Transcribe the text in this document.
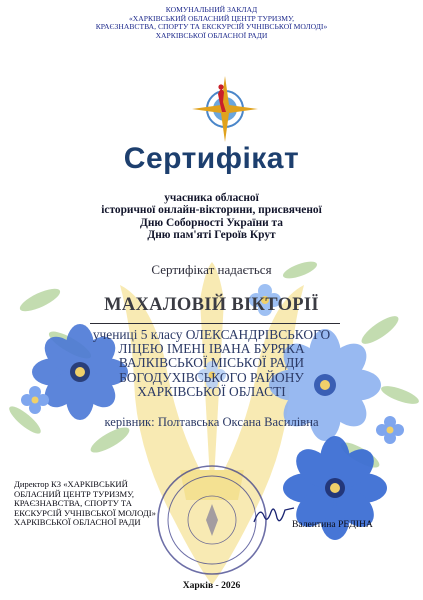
КОМУНАЛЬНИЙ ЗАКЛАД
«ХАРКІВСЬКИЙ ОБЛАСНИЙ ЦЕНТР ТУРИЗМУ,
КРАЄЗНАВСТВА, СПОРТУ ТА ЕКСКУРСІЙ УЧНІВСЬКОЇ МОЛОДІ»
ХАРКІВСЬКОЇ ОБЛАСНОЇ РАДИ
Сертифікат
учасника обласної
історичної онлайн-вікторини, присвяченої
Дню Соборності України та
Дню пам'яті Героїв Крут
Сертифікат надається
МАХАЛОВІЙ ВІКТОРІЇ
учениці 5 класу ОЛЕКСАНДРІВСЬКОГО
ЛІЦЕЮ ІМЕНІ ІВАНА БУРЯКА
ВАЛКІВСЬКОЇ МІСЬКОЇ РАДИ
БОГОДУХІВСЬКОГО РАЙОНУ
ХАРКІВСЬКОЇ ОБЛАСТІ
керівник: Полтавська Оксана Василівна
Директор КЗ «ХАРКІВСЬКИЙ
ОБЛАСНИЙ ЦЕНТР ТУРИЗМУ,
КРАЄЗНАВСТВА, СПОРТУ ТА
ЕКСКУРСІЙ УЧНІВСЬКОЇ МОЛОДІ»
ХАРКІВСЬКОЇ ОБЛАСНОЇ РАДИ	Валентина РЕДІНА
Харків - 2026
